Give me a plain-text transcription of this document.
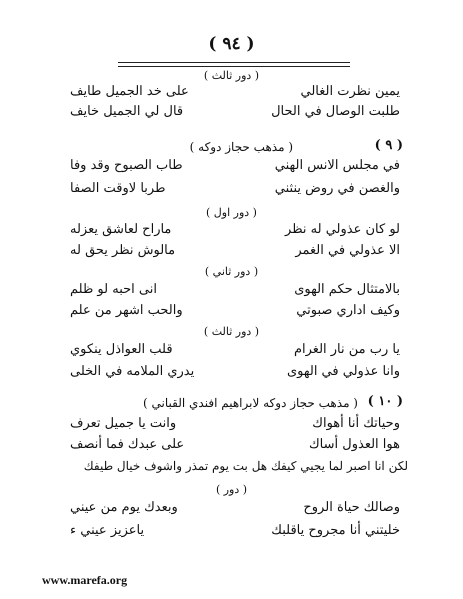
( ٩٤ )
( دور ثالث )
يمين نظرت الغالي
على خد الجميل طايف
طلبت الوصال في الحال
قال لي الجميل خايف
( ٩ )
( مذهب حجاز دوكه )
في مجلس الانس الهني
طاب الصبوح وقد وفا
والغصن في روض ينثني
طربا لاوقت الصفا
( دور اول )
لو كان عذولي له نظر
ماراح لعاشق يعزله
الا عذولي في الغمر
مالوش نظر يحق له
( دور ثاني )
بالامتثال حكم الهوى
انى احبه لو ظلم
وكيف اداري صبوتي
والحب اشهر من علم
( دور ثالث )
يا رب من نار الغرام
قلب العواذل ينكوي
وانا عذولي في الهوى
يدري الملامه في الخلى
( ١٠ )
( مذهب حجاز دوكه لابراهيم افندي القباني )
وحياتك أنا أهواك
وانت يا جميل تعرف
هوا العذول أساك
على عبدك فما أنصف
لكن انا اصبر لما يجيي كيفك هل بت يوم تمذر واشوف خيال طيفك
( دور )
وصالك حياة الروح
وبعدك يوم من عيني
خليتني أنا مجروح ياقلبك
ياعزيز عيني ء
www.marefa.org
